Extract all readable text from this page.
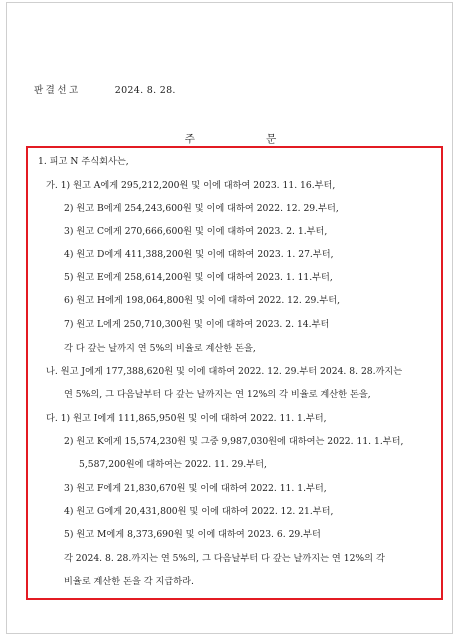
판결선고	2024. 8. 28.
주 문
1. 피고 N 주식회사는,
가. 1) 원고 A에게 295,212,200원 및 이에 대하여 2023. 11. 16.부터,
2) 원고 B에게 254,243,600원 및 이에 대하여 2022. 12. 29.부터,
3) 원고 C에게 270,666,600원 및 이에 대하여 2023. 2. 1.부터,
4) 원고 D에게 411,388,200원 및 이에 대하여 2023. 1. 27.부터,
5) 원고 E에게 258,614,200원 및 이에 대하여 2023. 1. 11.부터,
6) 원고 H에게 198,064,800원 및 이에 대하여 2022. 12. 29.부터,
7) 원고 L에게 250,710,300원 및 이에 대하여 2023. 2. 14.부터
각 다 갚는 날까지 연 5%의 비율로 계산한 돈을,
나. 원고 J에게 177,388,620원 및 이에 대하여 2022. 12. 29.부터 2024. 8. 28.까지는
연 5%의, 그 다음날부터 다 갚는 날까지는 연 12%의 각 비율로 계산한 돈을,
다. 1) 원고 I에게 111,865,950원 및 이에 대하여 2022. 11. 1.부터,
2) 원고 K에게 15,574,230원 및 그중 9,987,030원에 대하여는 2022. 11. 1.부터,
5,587,200원에 대하여는 2022. 11. 29.부터,
3) 원고 F에게 21,830,670원 및 이에 대하여 2022. 11. 1.부터,
4) 원고 G에게 20,431,800원 및 이에 대하여 2022. 12. 21.부터,
5) 원고 M에게 8,373,690원 및 이에 대하여 2023. 6. 29.부터
각 2024. 8. 28.까지는 연 5%의, 그 다음날부터 다 갚는 날까지는 연 12%의 각
비율로 계산한 돈을 각 지급하라.
